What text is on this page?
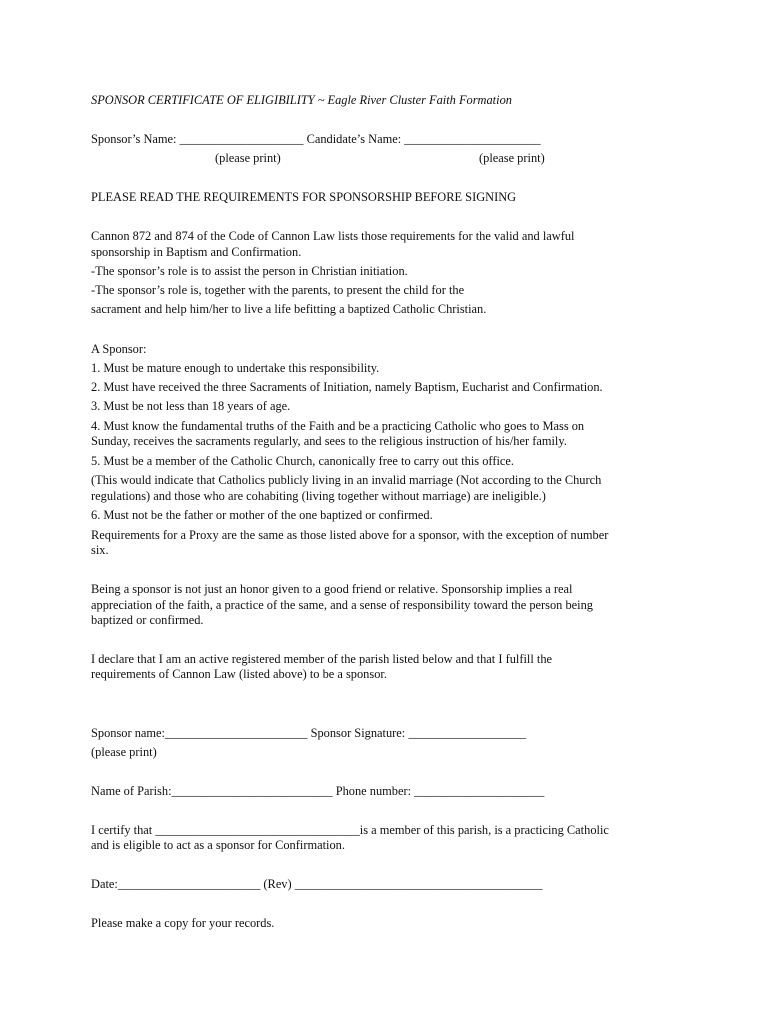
SPONSOR CERTIFICATE OF ELIGIBILITY ~ Eagle River Cluster Faith Formation
Sponsor’s Name: ____________________ Candidate’s Name: ______________________
(please print)	(please print)
PLEASE READ THE REQUIREMENTS FOR SPONSORSHIP BEFORE SIGNING
Cannon 872 and 874 of the Code of Cannon Law lists those requirements for the valid and lawful
sponsorship in Baptism and Confirmation.
-The sponsor’s role is to assist the person in Christian initiation.
-The sponsor’s role is, together with the parents, to present the child for the
sacrament and help him/her to live a life befitting a baptized Catholic Christian.
A Sponsor:
1. Must be mature enough to undertake this responsibility.
2. Must have received the three Sacraments of Initiation, namely Baptism, Eucharist and Confirmation.
3. Must be not less than 18 years of age.
4. Must know the fundamental truths of the Faith and be a practicing Catholic who goes to Mass on
Sunday, receives the sacraments regularly, and sees to the religious instruction of his/her family.
5. Must be a member of the Catholic Church, canonically free to carry out this office.
(This would indicate that Catholics publicly living in an invalid marriage (Not according to the Church
regulations) and those who are cohabiting (living together without marriage) are ineligible.)
6. Must not be the father or mother of the one baptized or confirmed.
Requirements for a Proxy are the same as those listed above for a sponsor, with the exception of number
six.
Being a sponsor is not just an honor given to a good friend or relative. Sponsorship implies a real
appreciation of the faith, a practice of the same, and a sense of responsibility toward the person being
baptized or confirmed.
I declare that I am an active registered member of the parish listed below and that I fulfill the
requirements of Cannon Law (listed above) to be a sponsor.
Sponsor name:_______________________ Sponsor Signature: ___________________
(please print)
Name of Parish:__________________________ Phone number: _____________________
I certify that _________________________________is a member of this parish, is a practicing Catholic
and is eligible to act as a sponsor for Confirmation.
Date:_______________________ (Rev) ________________________________________
Please make a copy for your records.
